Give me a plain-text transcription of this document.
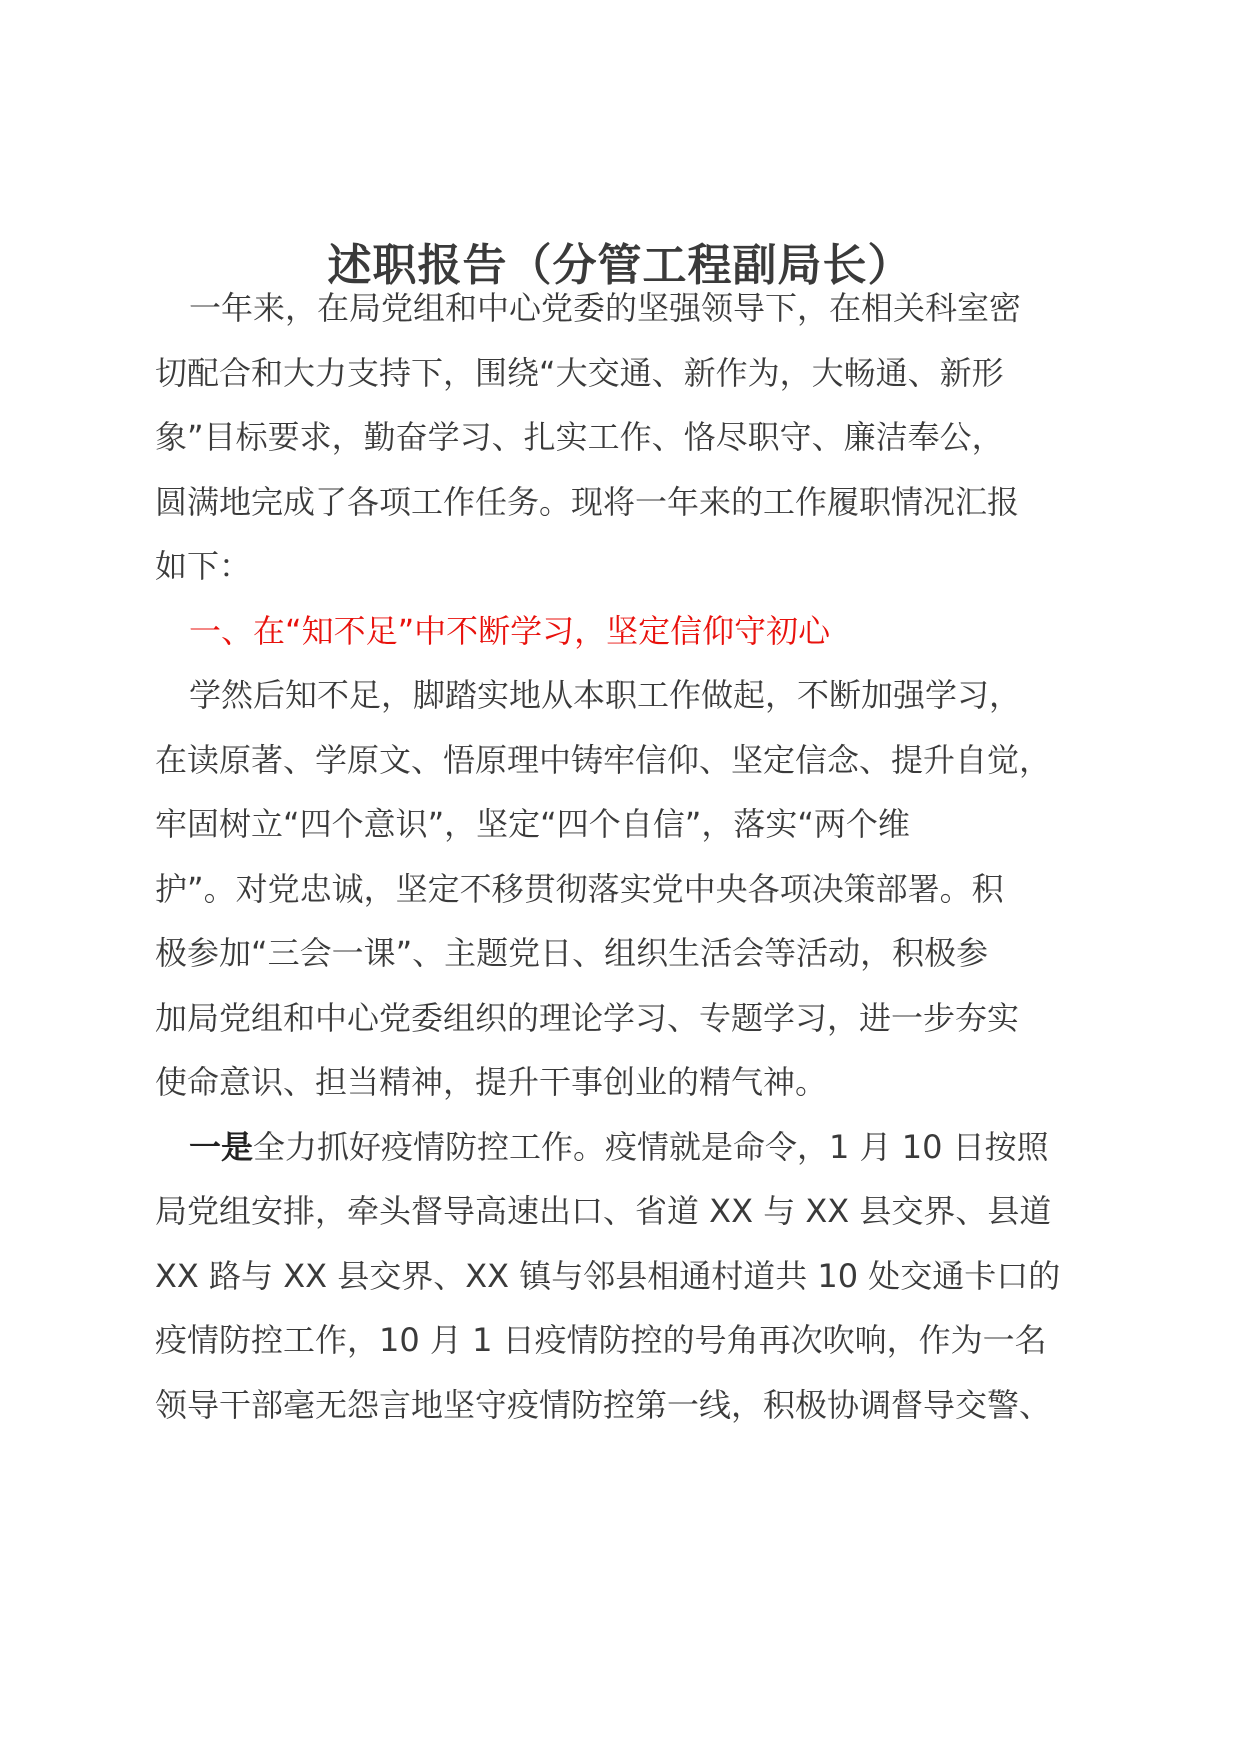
述职报告（分管工程副局长）
一年来，在局党组和中心党委的坚强领导下，在相关科室密
切配合和大力支持下，围绕“大交通、新作为，大畅通、新形
象”目标要求，勤奋学习、扎实工作、恪尽职守、廉洁奉公，
圆满地完成了各项工作任务。现将一年来的工作履职情况汇报
如下：
一、在“知不足”中不断学习，坚定信仰守初心
学然后知不足，脚踏实地从本职工作做起，不断加强学习，
在读原著、学原文、悟原理中铸牢信仰、坚定信念、提升自觉，
牢固树立“四个意识”，坚定“四个自信”，落实“两个维
护”。对党忠诚，坚定不移贯彻落实党中央各项决策部署。积
极参加“三会一课”、主题党日、组织生活会等活动，积极参
加局党组和中心党委组织的理论学习、专题学习，进一步夯实
使命意识、担当精神，提升干事创业的精气神。
一是全力抓好疫情防控工作。疫情就是命令，1 月 10 日按照
局党组安排，牵头督导高速出口、省道 XX 与 XX 县交界、县道
XX 路与 XX 县交界、XX 镇与邻县相通村道共 10 处交通卡口的
疫情防控工作，10 月 1 日疫情防控的号角再次吹响，作为一名
领导干部毫无怨言地坚守疫情防控第一线，积极协调督导交警、
